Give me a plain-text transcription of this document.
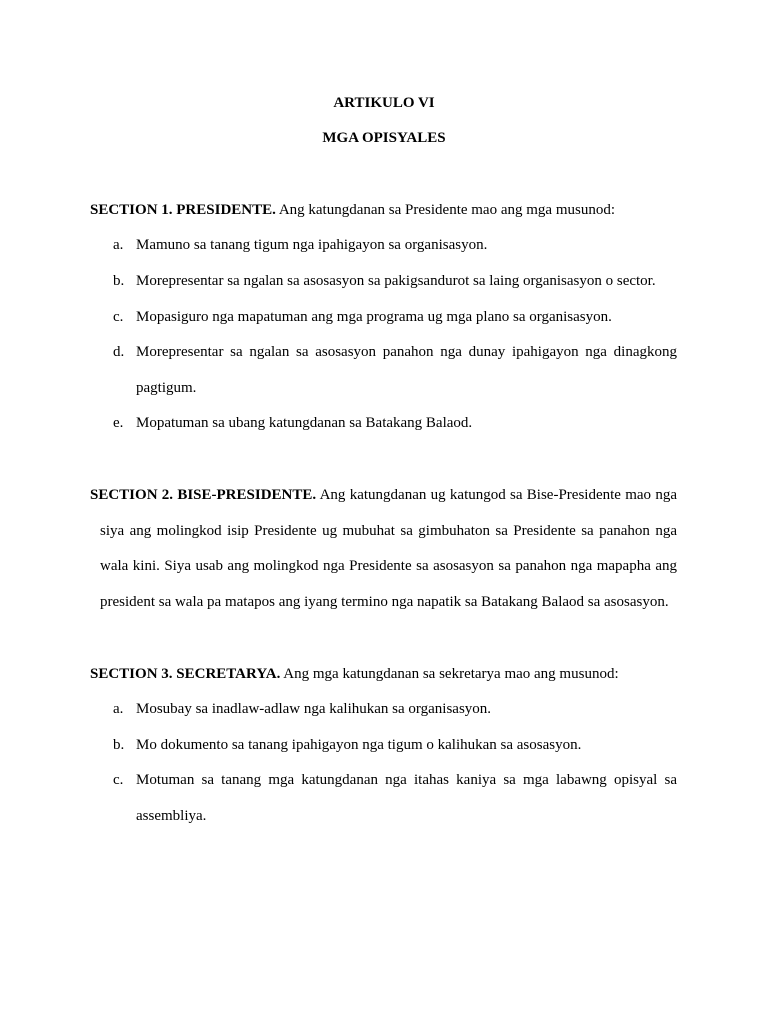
ARTIKULO VI
MGA OPISYALES
SECTION 1. PRESIDENTE. Ang katungdanan sa Presidente mao ang mga musunod:
a. Mamuno sa tanang tigum nga ipahigayon sa organisasyon.
b. Morepresentar sa ngalan sa asosasyon sa pakigsandurot sa laing organisasyon o sector.
c. Mopasiguro nga mapatuman ang mga programa ug mga plano sa organisasyon.
d. Morepresentar sa ngalan sa asosasyon panahon nga dunay ipahigayon nga dinagkong
pagtigum.
e. Mopatuman sa ubang katungdanan sa Batakang Balaod.
SECTION 2. BISE-PRESIDENTE. Ang katungdanan ug katungod sa Bise-Presidente mao nga
siya ang molingkod isip Presidente ug mubuhat sa gimbuhaton sa Presidente sa panahon nga
wala kini. Siya usab ang molingkod nga Presidente sa asosasyon sa panahon nga mapapha ang
president sa wala pa matapos ang iyang termino nga napatik sa Batakang Balaod sa asosasyon.
SECTION 3. SECRETARYA. Ang mga katungdanan sa sekretarya mao ang musunod:
a. Mosubay sa inadlaw-adlaw nga kalihukan sa organisasyon.
b. Mo dokumento sa tanang ipahigayon nga tigum o kalihukan sa asosasyon.
c. Motuman sa tanang mga katungdanan nga itahas kaniya sa mga labawng opisyal sa
assembliya.
